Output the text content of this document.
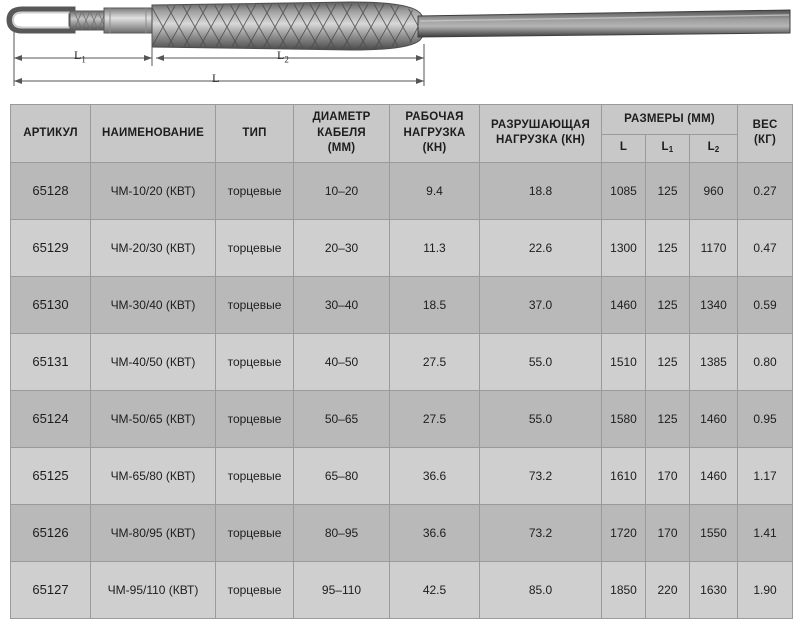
$L_1$	$L_2$
L
АРТИКУЛ	НАИМЕНОВАНИЕ	ТИП	
ДИАМЕТР
КАБЕЛЯ
(ММ)

РАБОЧАЯ
НАГРУЗКА
(КН)

РАЗРУШАЮЩАЯ
НАГРУЗКА (КН)
	РАЗМЕРЫ (ММ)	
ВЕС
(КГ)

						L	$L_1$	$L_2$
65128	ЧМ-10/20 (КВТ)	торцевые	10–20	9.4	18.8	1085	125	960	0.27
65129	ЧМ-20/30 (КВТ)	торцевые	20–30	11.3	22.6	1300	125	1170	0.47
65130	ЧМ-30/40 (КВТ)	торцевые	30–40	18.5	37.0	1460	125	1340	0.59
65131	ЧМ-40/50 (КВТ)	торцевые	40–50	27.5	55.0	1510	125	1385	0.80
65124	ЧМ-50/65 (КВТ)	торцевые	50–65	27.5	55.0	1580	125	1460	0.95
65125	ЧМ-65/80 (КВТ)	торцевые	65–80	36.6	73.2	1610	170	1460	1.17
65126	ЧМ-80/95 (КВТ)	торцевые	80–95	36.6	73.2	1720	170	1550	1.41
65127	ЧМ-95/110 (КВТ)	торцевые	95–110	42.5	85.0	1850	220	1630	1.90
